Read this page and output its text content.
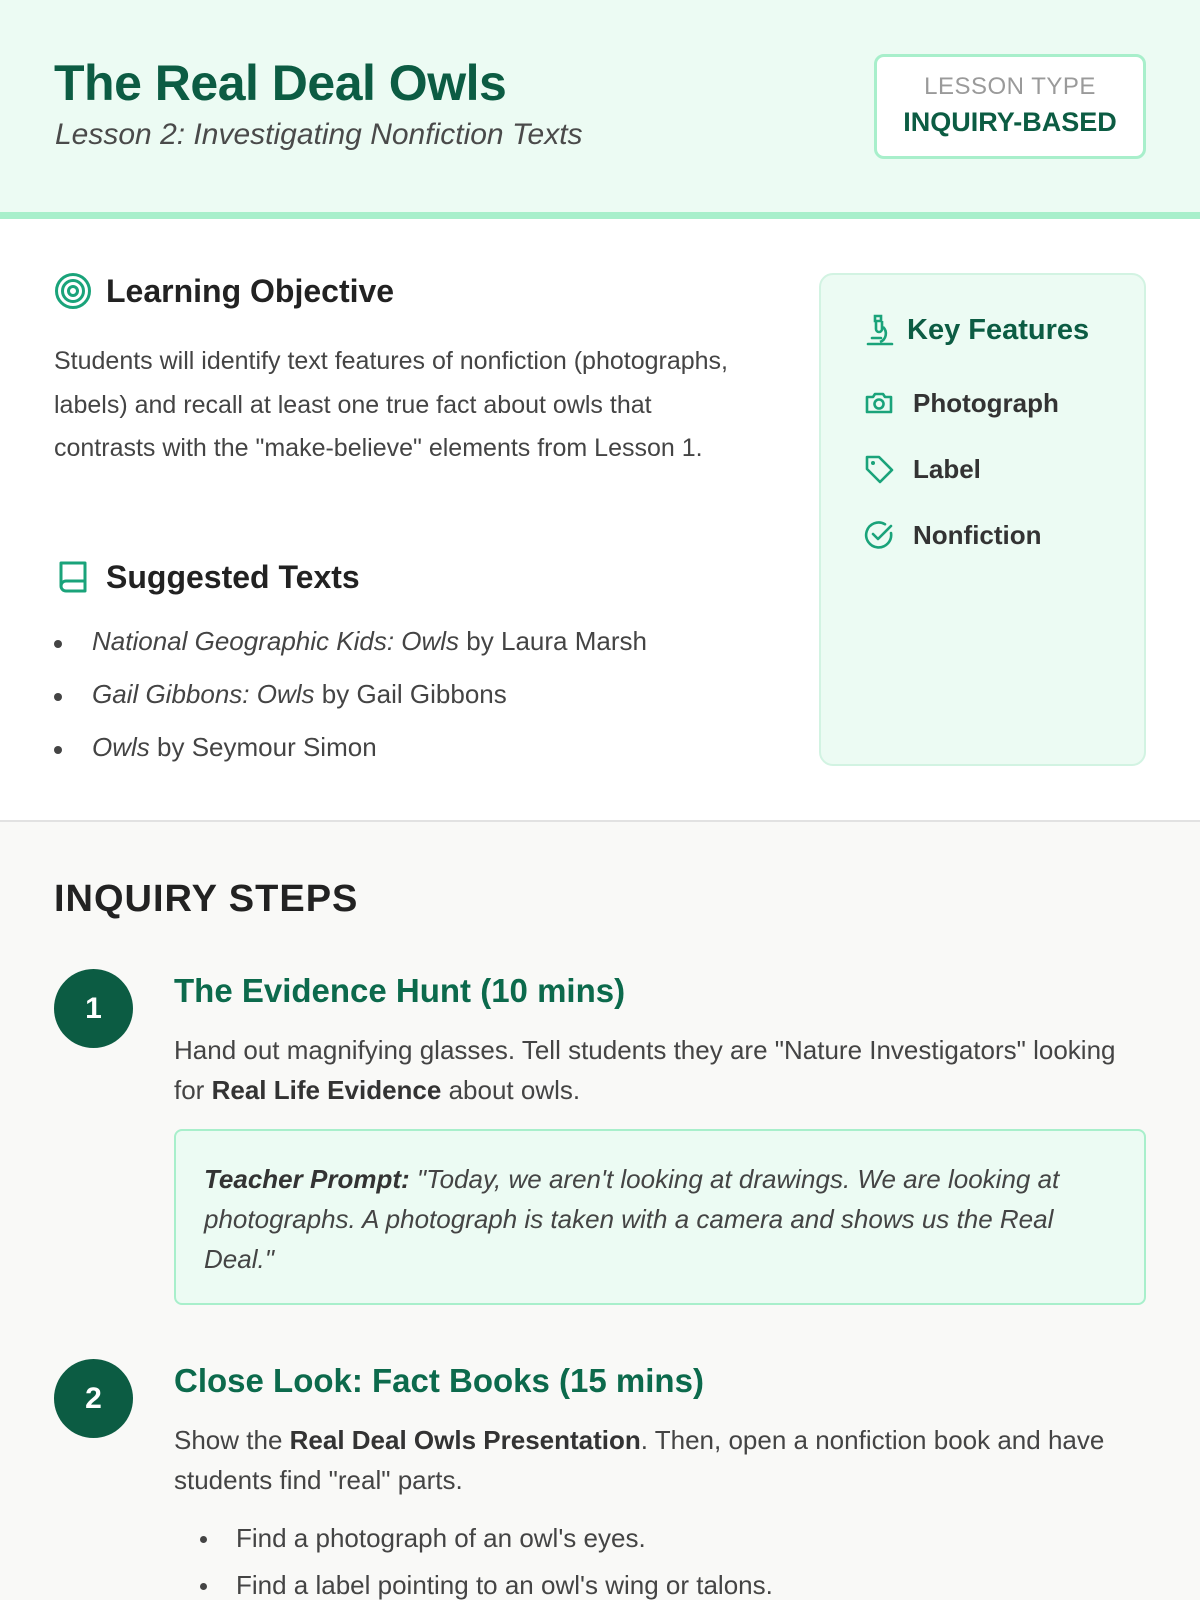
The Real Deal Owls
Lesson 2: Investigating Nonfiction Texts
LESSON TYPE
INQUIRY-BASED
Learning Objective

Students will identify text features of nonfiction (photographs, labels) and recall at least one true fact about owls that contrasts with the "make-believe" elements from Lesson 1.

Suggested Texts
National Geographic Kids: Owls by Laura Marsh
Gail Gibbons: Owls by Gail Gibbons
Owls by Seymour Simon
Key Features
Photograph
Label
Nonfiction
INQUIRY STEPS
1	The Evidence Hunt (10 mins)

Hand out magnifying glasses. Tell students they are "Nature Investigators" looking for Real Life Evidence about owls.

Teacher Prompt: "Today, we aren't looking at drawings. We are looking at photographs. A photograph is taken with a camera and shows us the Real Deal."
2	Close Look: Fact Books (15 mins)

Show the Real Deal Owls Presentation. Then, open a nonfiction book and have students find "real" parts.

Find a photograph of an owl's eyes.
Find a label pointing to an owl's wing or talons.
